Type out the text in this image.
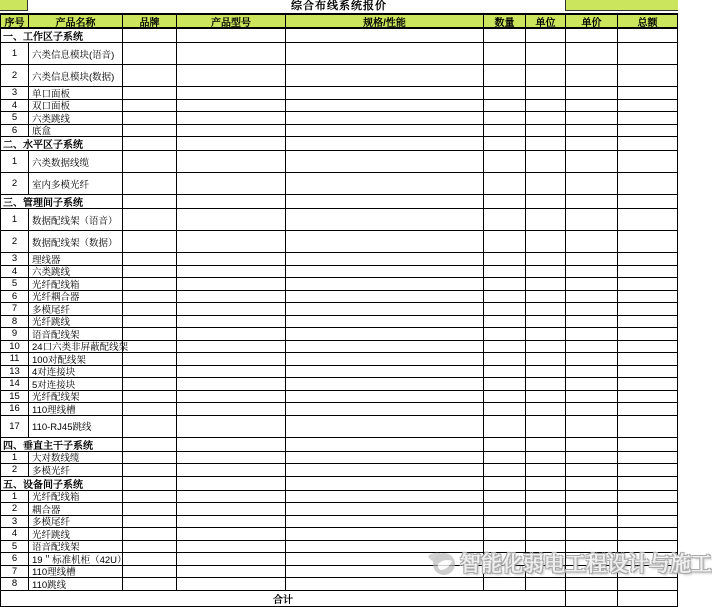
综合布线系统报价
序号	产品名称	品牌	产品型号	规格/性能	数量	单位	单价	总额
一、工作区子系统
1	六类信息模块(语音)
2	六类信息模块(数据)
3	单口面板
4	双口面板
5	六类跳线
6	底盒
二、水平区子系统
1	六类数据线缆
2	室内多模光纤
三、管理间子系统
1	数据配线架（语音）
2	数据配线架（数据）
3	理线器
4	六类跳线
5	光纤配线箱
6	光纤耦合器
7	多模尾纤
8	光纤跳线
9	语音配线架
10	24口六类非屏蔽配线架
11	100对配线架
13	4对连接块
14	5对连接块
15	光纤配线架
16	110理线槽
17	110-RJ45跳线
四、垂直主干子系统
1	大对数线缆
2	多模光纤
五、设备间子系统
1	光纤配线箱
2	耦合器
3	多模尾纤
4	光纤跳线
5	语音配线架
6	19＂标准机柜（42U）
7	110理线槽
8	110跳线
合计
智能化弱电工程设计与施工
